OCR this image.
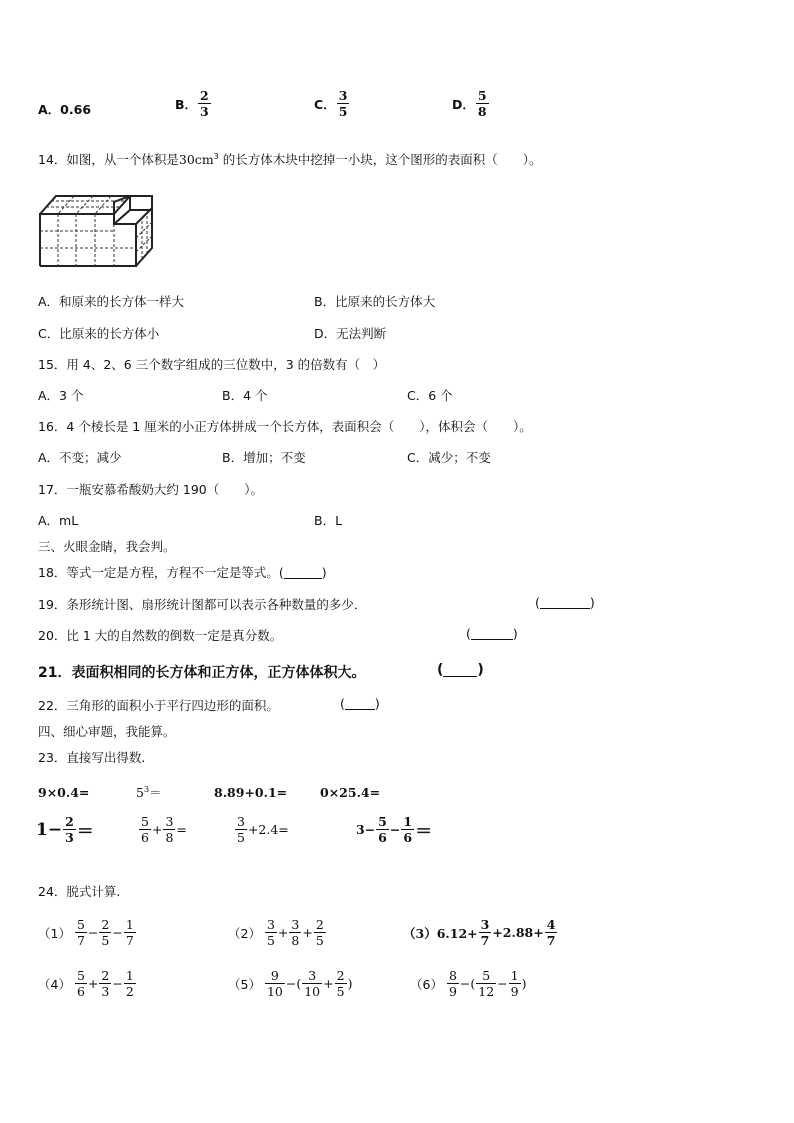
A．0.66	B． $\frac{2}{3}$	C． $\frac{3}{5}$	D． $\frac{5}{8}$
14．如图，从一个体积是$30cm^3$ 的长方体木块中挖掉一小块，这个图形的表面积（　　）。
A．和原来的长方体一样大	B．比原来的长方体大
C．比原来的长方体小	D．无法判断
15．用 4、2、6 三个数字组成的三位数中，3 的倍数有（　）
A．3 个	B．4 个	C．6 个
16．4 个棱长是 1 厘米的小正方体拼成一个长方体，表面积会（　　），体积会（　　）。
A．不变；减少	B．增加；不变	C．减少；不变
17．一瓶安慕希酸奶大约 190（　　）。
A．mL	B．L
三、火眼金睛，我会判。
18．等式一定是方程，方程不一定是等式。(	)
19．条形统计图、扇形统计图都可以表示各种数量的多少．	(	)
20．比 1 大的自然数的倒数一定是真分数。	(	)
21．表面积相同的长方体和正方体，正方体体积大。	( )
22．三角形的面积小于平行四边形的面积。	( )
四、细心审题，我能算。
23．直接写出得数.
9×0.4=	$5^3=$	8.89+0.1=	0×25.4=
$1- \frac{2}{3}$ ＝	$\frac{5}{6} + \frac{3}{8}$ =	$\frac{3}{5} +2.4=$	$3- \frac{5}{6} - \frac{1}{6}$ ＝
24．脱式计算.
$(1) \frac{5}{7} - \frac{2}{5} - \frac{1}{7}$	$(2) \frac{3}{5} + \frac{3}{8} + \frac{2}{5}$	$(3)6.12+ \frac{3}{7} +2.88+ \frac{4}{7}$
$(4) \frac{5}{6} + \frac{2}{3} - \frac{1}{2}$	$(5) \frac{9}{10}$ −( $\frac{3}{10} + \frac{2}{5}$ )	$(6) \frac{8}{9}$ −( $\frac{5}{12} - \frac{1}{9}$ )
